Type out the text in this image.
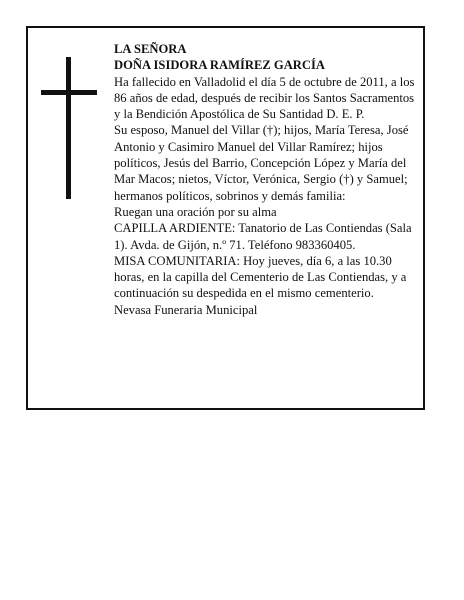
LA SEÑORA

DOÑA ISIDORA RAMÍREZ GARCÍA

Ha fallecido en Valladolid el día 5 de octubre de 2011, a los 86 años de edad, después de recibir los Santos Sacramentos y la Bendición Apostólica de Su Santidad D. E. P.

Su esposo, Manuel del Villar (†); hijos, María Teresa, José Antonio y Casimiro Manuel del Villar Ramírez; hijos políticos, Jesús del Barrio, Concepción López y María del Mar Macos; nietos, Víctor, Verónica, Sergio (†) y Samuel; hermanos políticos, sobrinos y demás familia:

Ruegan una oración por su alma

CAPILLA ARDIENTE: Tanatorio de Las Contiendas (Sala 1). Avda. de Gijón, n.º 71. Teléfono 983360405.

MISA COMUNITARIA: Hoy jueves, día 6, a las 10.30 horas, en la capilla del Cementerio de Las Contiendas, y a continuación su despedida en el mismo cementerio.

Nevasa Funeraria Municipal
